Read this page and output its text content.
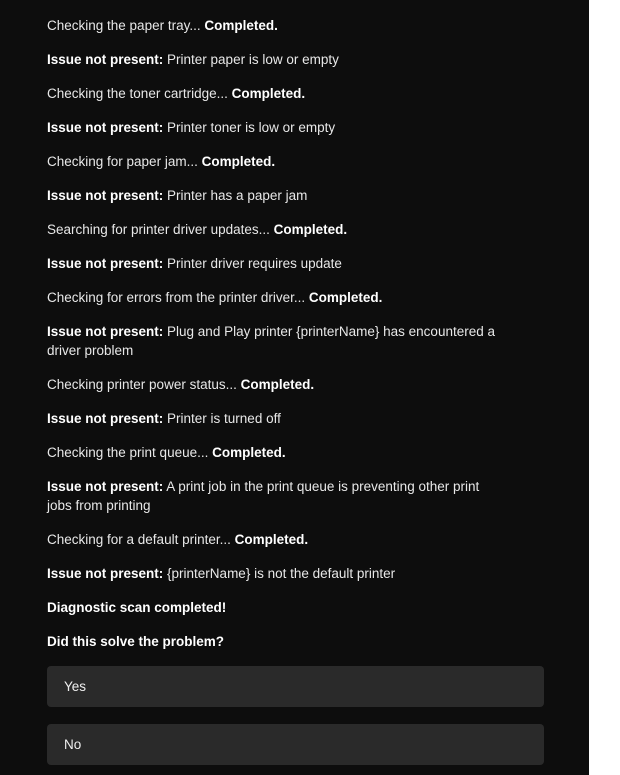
Checking the paper tray... Completed.

Issue not present: Printer paper is low or empty

Checking the toner cartridge... Completed.

Issue not present: Printer toner is low or empty

Checking for paper jam... Completed.

Issue not present: Printer has a paper jam

Searching for printer driver updates... Completed.

Issue not present: Printer driver requires update

Checking for errors from the printer driver... Completed.

Issue not present: Plug and Play printer {printerName} has encountered a driver problem

Checking printer power status... Completed.

Issue not present: Printer is turned off

Checking the print queue... Completed.

Issue not present: A print job in the print queue is preventing other print jobs from printing

Checking for a default printer... Completed.

Issue not present: {printerName} is not the default printer

Diagnostic scan completed!

Did this solve the problem?

Yes
No
